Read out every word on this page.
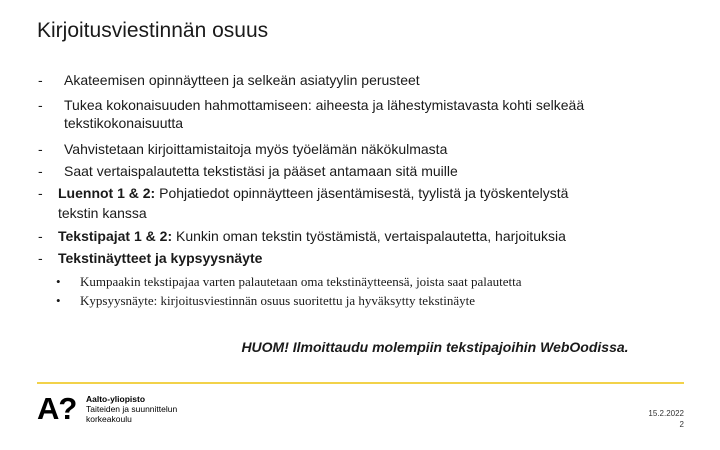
Kirjoitusviestinnän osuus
- Akateemisen opinnäytteen ja selkeän asiatyylin perusteet
- Tukea kokonaisuuden hahmottamiseen: aiheesta ja lähestymistavasta kohti selkeää
tekstikokonaisuutta
- Vahvistetaan kirjoittamistaitoja myös työelämän näkökulmasta
- Saat vertaispalautetta tekstistäsi ja pääset antamaan sitä muille
- Luennot 1 & 2: Pohjatiedot opinnäytteen jäsentämisestä, tyylistä ja työskentelystä
tekstin kanssa
- Tekstipajat 1 & 2: Kunkin oman tekstin työstämistä, vertaispalautetta, harjoituksia
- Tekstinäytteet ja kypsyysnäyte
• Kumpaakin tekstipajaa varten palautetaan oma tekstinäytteensä, joista saat palautetta
• Kypsyysnäyte: kirjoitusviestinnän osuus suoritettu ja hyväksytty tekstinäyte
HUOM! Ilmoittaudu molempiin tekstipajoihin WebOodissa.
A? Aalto-yliopisto
Taiteiden ja suunnittelun
korkeakoulu
15.2.2022
2
